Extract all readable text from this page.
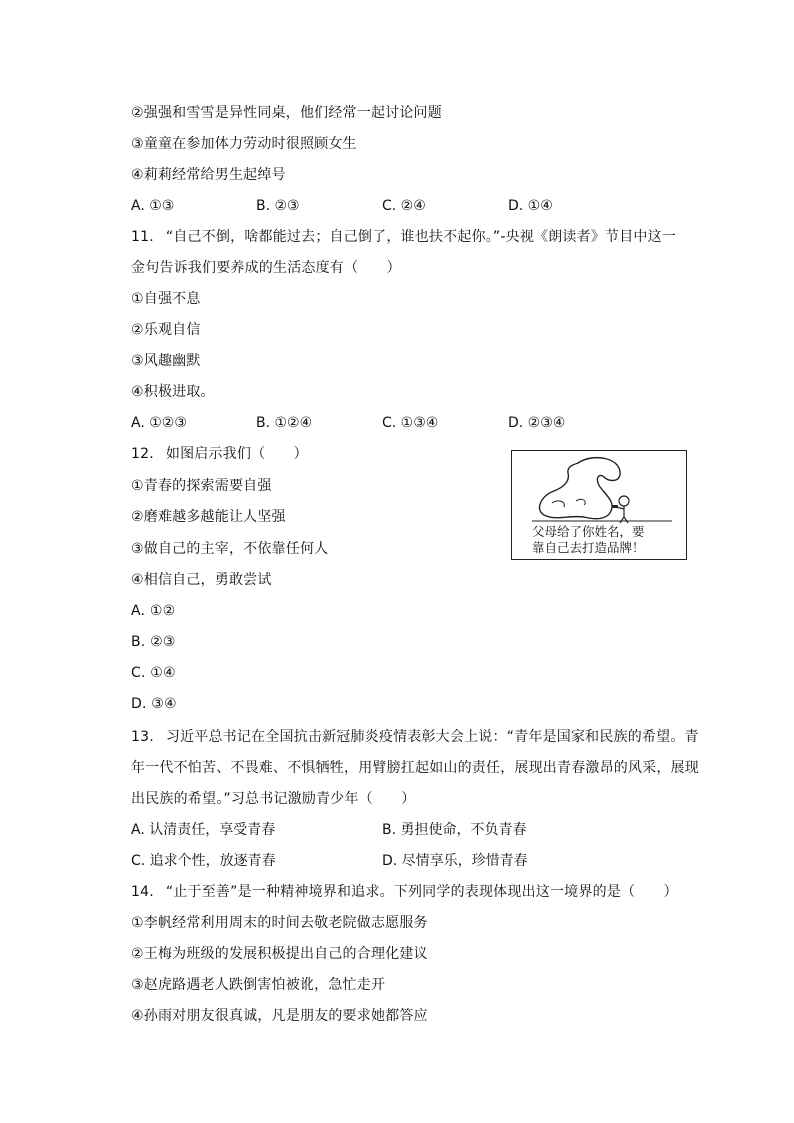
②强强和雪雪是异性同桌，他们经常一起讨论问题
③童童在参加体力劳动时很照顾女生
④莉莉经常给男生起绰号
A. ①③	B. ②③	C. ②④	D. ①④
11. “自己不倒，啥都能过去；自己倒了，谁也扶不起你。”-央视《朗读者》节目中这一
金句告诉我们要养成的生活态度有（　　）
①自强不息
②乐观自信
③风趣幽默
④积极进取。
A. ①②③	B. ①②④	C. ①③④	D. ②③④
12. 如图启示我们（　　）
①青春的探索需要自强
②磨难越多越能让人坚强
③做自己的主宰，不依靠任何人
④相信自己，勇敢尝试
A. ①②
B. ②③
C. ①④
D. ③④
父母给了你姓名，要
靠自己去打造品牌！
13. 习近平总书记在全国抗击新冠肺炎疫情表彰大会上说：“青年是国家和民族的希望。青
年一代不怕苦、不畏难、不惧牺牲，用臂膀扛起如山的责任，展现出青春激昂的风采，展现
出民族的希望。”习总书记激励青少年（　　）
A. 认清责任，享受青春	B. 勇担使命，不负青春
C. 追求个性，放逐青春	D. 尽情享乐，珍惜青春
14. “止于至善”是一种精神境界和追求。下列同学的表现体现出这一境界的是（　　）
①李帆经常利用周末的时间去敬老院做志愿服务
②王梅为班级的发展积极提出自己的合理化建议
③赵虎路遇老人跌倒害怕被讹，急忙走开
④孙雨对朋友很真诚，凡是朋友的要求她都答应
